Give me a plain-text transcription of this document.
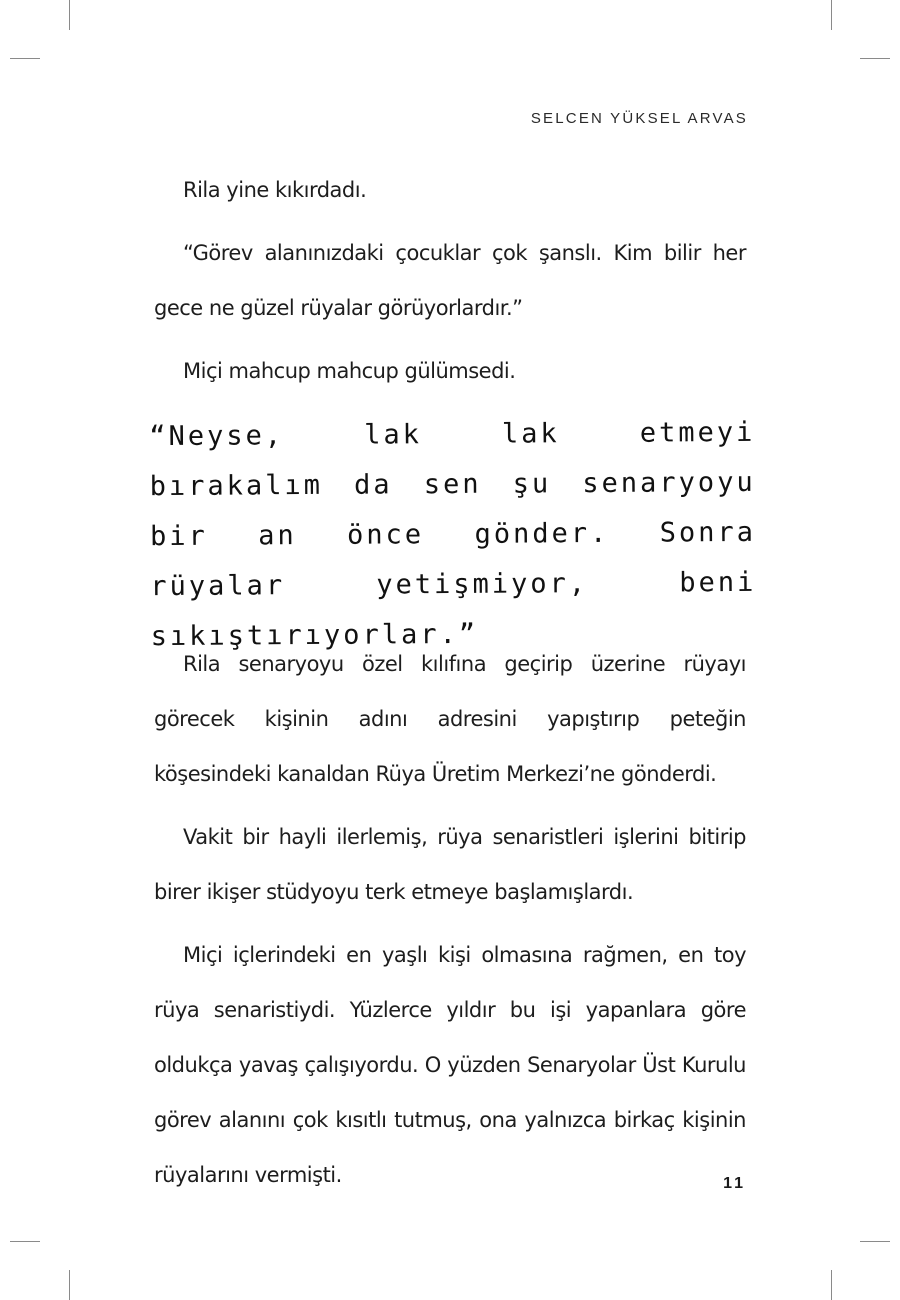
SELCEN YÜKSEL ARVAS

Rila yine kıkırdadı.

“Görev alanınızdaki çocuklar çok şanslı. Kim bilir her gece ne güzel rüyalar görüyorlardır.”

Miçi mahcup mahcup gülümsedi.

“Neyse, lak lak etmeyi bırakalım da sen şu senaryoyu bir an önce gönder. Sonra rüyalar yetişmiyor, beni sıkıştırıyorlar.”

Rila senaryoyu özel kılıfına geçirip üzerine rüyayı görecek kişinin adını adresini yapıştırıp peteğin köşesindeki kanaldan Rüya Üretim Merkezi’ne gönderdi.

Vakit bir hayli ilerlemiş, rüya senaristleri işlerini bitirip birer ikişer stüdyoyu terk etmeye başlamışlardı.

Miçi içlerindeki en yaşlı kişi olmasına rağmen, en toy rüya senaristiydi. Yüzlerce yıldır bu işi yapanlara göre oldukça yavaş çalışıyordu. O yüzden Senaryolar Üst Kurulu görev alanını çok kısıtlı tutmuş, ona yalnızca birkaç kişinin rüyalarını vermişti.	11
